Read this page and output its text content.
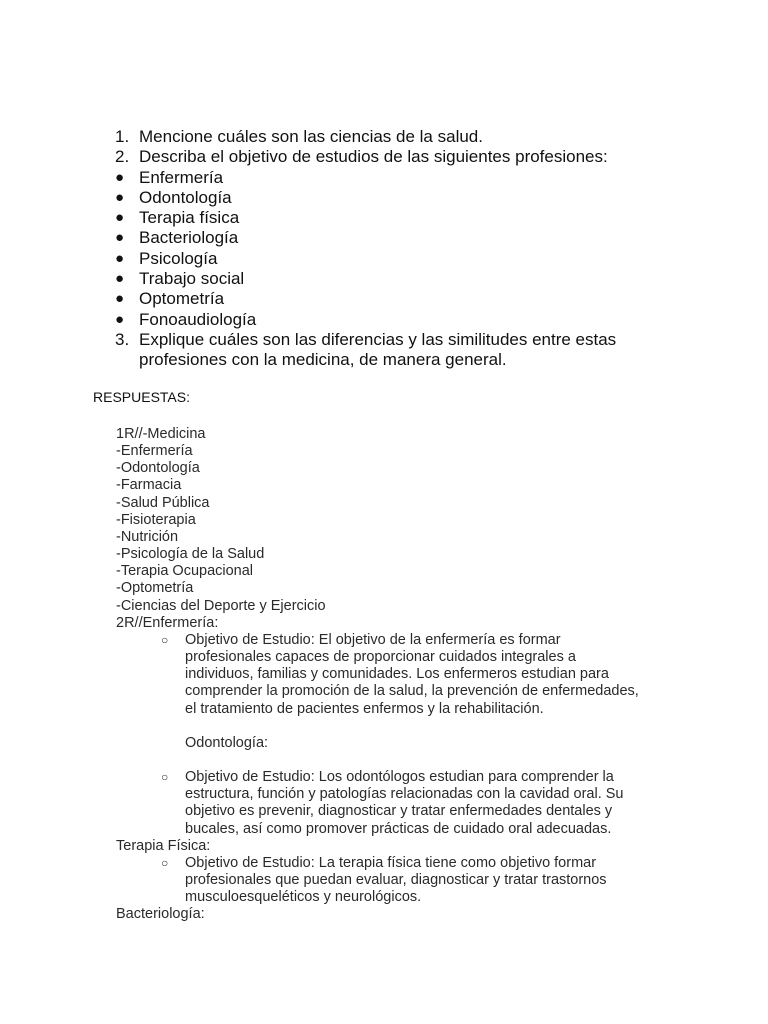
1. Mencione cuáles son las ciencias de la salud.
2. Describa el objetivo de estudios de las siguientes profesiones:
● Enfermería
● Odontología
● Terapia física
● Bacteriología
● Psicología
● Trabajo social
● Optometría
● Fonoaudiología
3. Explique cuáles son las diferencias y las similitudes entre estas
profesiones con la medicina, de manera general.

RESPUESTAS:

1R//-Medicina
-Enfermería
-Odontología
-Farmacia
-Salud Pública
-Fisioterapia
-Nutrición
-Psicología de la Salud
-Terapia Ocupacional
-Optometría
-Ciencias del Deporte y Ejercicio
2R//Enfermería:
○	Objetivo de Estudio: El objetivo de la enfermería es formar
profesionales capaces de proporcionar cuidados integrales a
individuos, familias y comunidades. Los enfermeros estudian para
comprender la promoción de la salud, la prevención de enfermedades,
el tratamiento de pacientes enfermos y la rehabilitación.
Odontología:
○	Objetivo de Estudio: Los odontólogos estudian para comprender la
estructura, función y patologías relacionadas con la cavidad oral. Su
objetivo es prevenir, diagnosticar y tratar enfermedades dentales y
bucales, así como promover prácticas de cuidado oral adecuadas.
Terapia Física:
○	Objetivo de Estudio: La terapia física tiene como objetivo formar
profesionales que puedan evaluar, diagnosticar y tratar trastornos
musculoesqueléticos y neurológicos.
Bacteriología:
